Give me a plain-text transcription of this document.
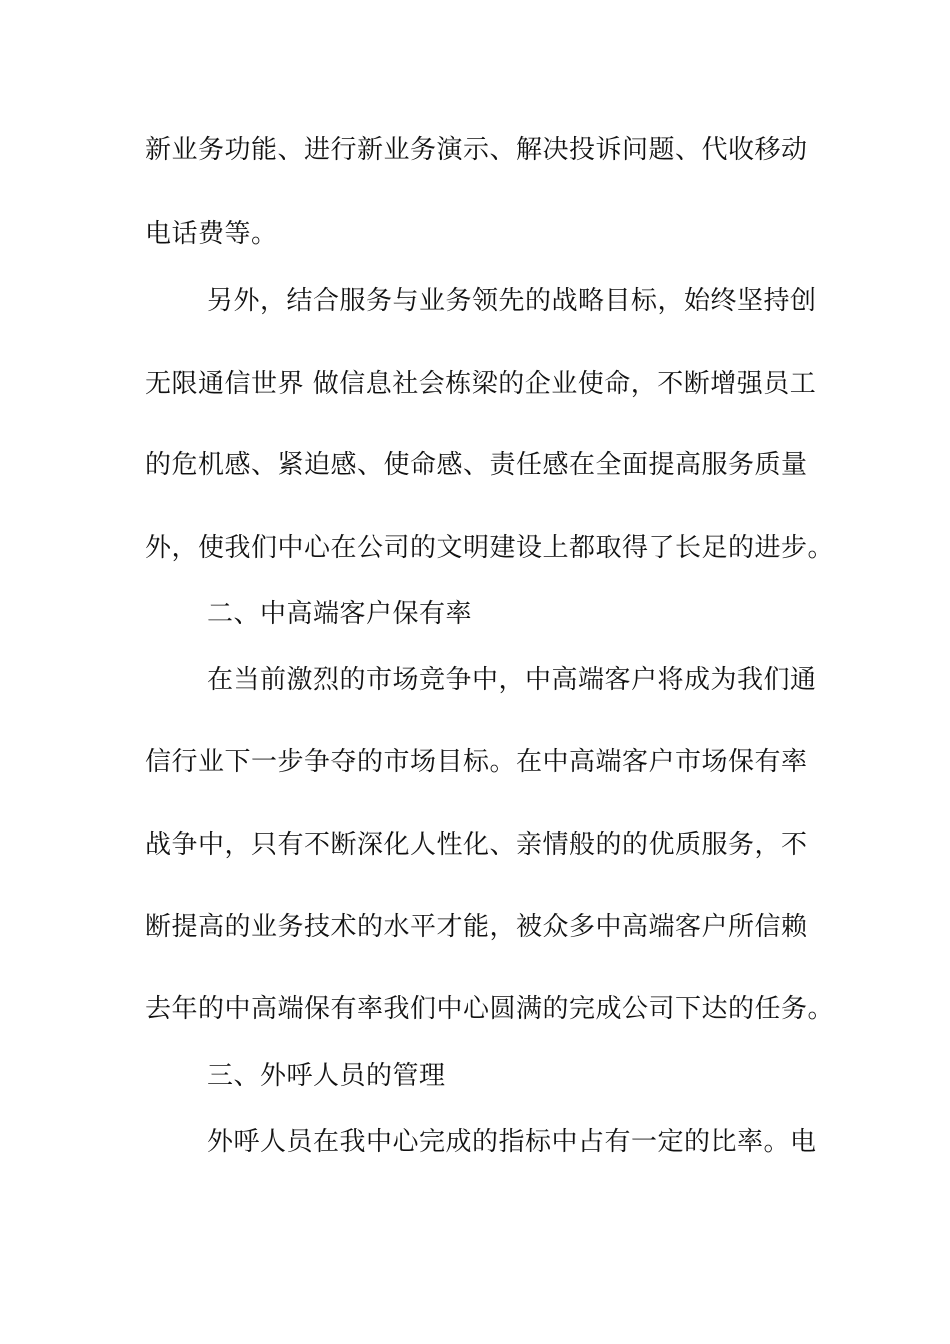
新业务功能、进行新业务演示、解决投诉问题、代收移动
电话费等。
另外，结合服务与业务领先的战略目标，始终坚持创
无限通信世界 做信息社会栋梁的企业使命，不断增强员工
的危机感、紧迫感、使命感、责任感在全面提高服务质量
外，使我们中心在公司的文明建设上都取得了长足的进步。
二、中高端客户保有率
在当前激烈的市场竞争中，中高端客户将成为我们通
信行业下一步争夺的市场目标。在中高端客户市场保有率
战争中，只有不断深化人性化、亲情般的的优质服务，不
断提高的业务技术的水平才能，被众多中高端客户所信赖
去年的中高端保有率我们中心圆满的完成公司下达的任务。
三、外呼人员的管理
外呼人员在我中心完成的指标中占有一定的比率。电
